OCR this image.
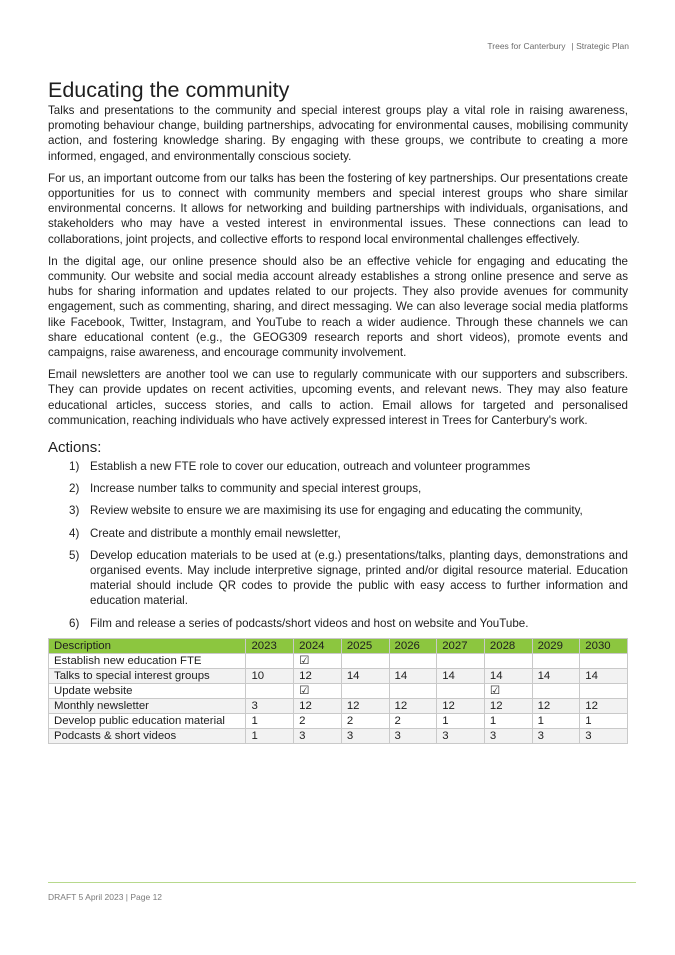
Trees for Canterbury | Strategic Plan
Educating the community

Talks and presentations to the community and special interest groups play a vital role in raising awareness, promoting behaviour change, building partnerships, advocating for environmental causes, mobilising community action, and fostering knowledge sharing. By engaging with these groups, we contribute to creating a more informed, engaged, and environmentally conscious society.

For us, an important outcome from our talks has been the fostering of key partnerships. Our presentations create opportunities for us to connect with community members and special interest groups who share similar environmental concerns. It allows for networking and building partnerships with individuals, organisations, and stakeholders who may have a vested interest in environmental issues. These connections can lead to collaborations, joint projects, and collective efforts to respond local environmental challenges effectively.

In the digital age, our online presence should also be an effective vehicle for engaging and educating the community. Our website and social media account already establishes a strong online presence and serve as hubs for sharing information and updates related to our projects. They also provide avenues for community engagement, such as commenting, sharing, and direct messaging. We can also leverage social media platforms like Facebook, Twitter, Instagram, and YouTube to reach a wider audience. Through these channels we can share educational content (e.g., the GEOG309 research reports and short videos), promote events and campaigns, raise awareness, and encourage community involvement.

Email newsletters are another tool we can use to regularly communicate with our supporters and subscribers. They can provide updates on recent activities, upcoming events, and relevant news. They may also feature educational articles, success stories, and calls to action. Email allows for targeted and personalised communication, reaching individuals who have actively expressed interest in Trees for Canterbury's work.

Actions:
1) Establish a new FTE role to cover our education, outreach and volunteer programmes
2) Increase number talks to community and special interest groups,
3) Review website to ensure we are maximising its use for engaging and educating the community,
4) Create and distribute a monthly email newsletter,
5) Develop education materials to be used at (e.g.) presentations/talks, planting days, demonstrations and organised events. May include interpretive signage, printed and/or digital resource material. Education material should include QR codes to provide the public with easy access to further information and education material.
6) Film and release a series of podcasts/short videos and host on website and YouTube.
Description	2023	2024	2025	2026	2027	2028	2029	2030
Establish new education FTE		☑						
Talks to special interest groups	10	12	14	14	14	14	14	14
Update website		☑				☑		
Monthly newsletter	3	12	12	12	12	12	12	12
Develop public education material	1	2	2	2	1	1	1	1
Podcasts & short videos	1	3	3	3	3	3	3	3
DRAFT 5 April 2023 | Page 12
